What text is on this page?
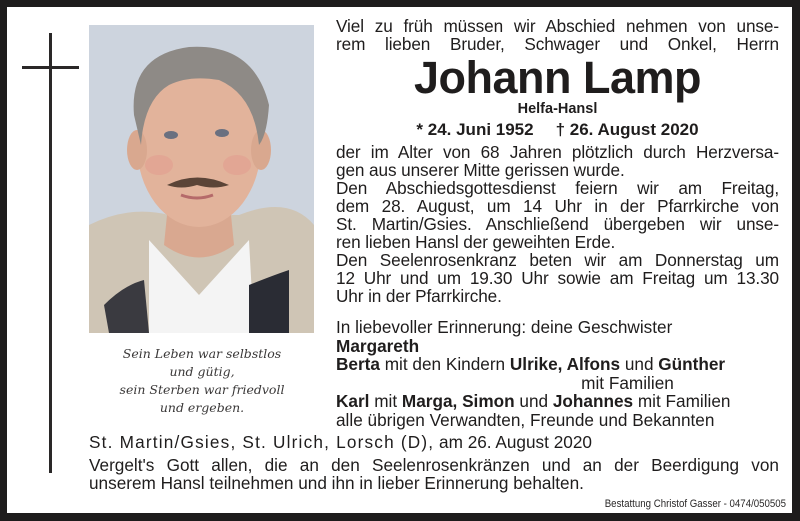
Sein Leben war selbstlos
und gütig,
sein Sterben war friedvoll
und ergeben.
Viel zu früh müssen wir Abschied nehmen von unse-
rem lieben Bruder, Schwager und Onkel, Herrn
Johann Lamp
Helfa-Hansl
* 24. Juni 1952 † 26. August 2020
der im Alter von 68 Jahren plötzlich durch Herzversa-
gen aus unserer Mitte gerissen wurde.
Den Abschiedsgottesdienst feiern wir am Freitag,
dem 28. August, um 14 Uhr in der Pfarrkirche von
St. Martin/Gsies. Anschließend übergeben wir unse-
ren lieben Hansl der geweihten Erde.
Den Seelenrosenkranz beten wir am Donnerstag um
12 Uhr und um 19.30 Uhr sowie am Freitag um 13.30
Uhr in der Pfarrkirche.
In liebevoller Erinnerung: deine Geschwister
Margareth
Berta mit den Kindern Ulrike, Alfons und Günther
mit Familien
Karl mit Marga, Simon und Johannes mit Familien
alle übrigen Verwandten, Freunde und Bekannten
St. Martin/Gsies, St. Ulrich, Lorsch (D), am 26. August 2020
Vergelt's Gott allen, die an den Seelenrosenkränzen und an der Beerdigung von
unserem Hansl teilnehmen und ihn in lieber Erinnerung behalten.
Bestattung Christof Gasser - 0474/050505
